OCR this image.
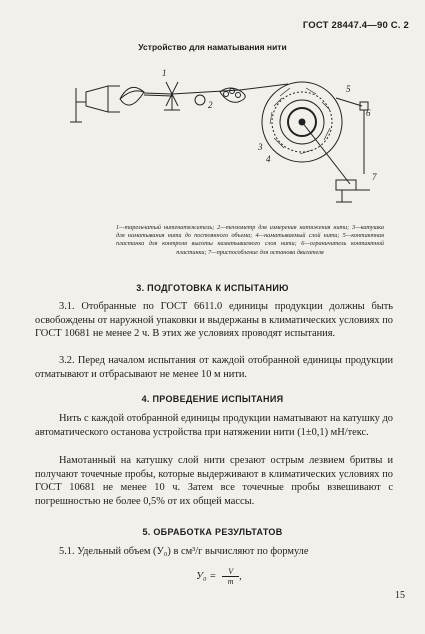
ГОСТ 28447.4—90 С. 2
Устройство для наматывания нити
1
2
3
4
5
6
7
1—тарельчатый нитенатяжитель; 2—тензометр для измерения натяжения нити; 3—катушка для наматывания нити до постоянного объема; 4—наматываемый слой нити; 5—контактная пластинка для контроля высоты наматываемого слоя нити; 6—ограничитель контактной пластинки; 7—приспособление для останова двигателя
3. ПОДГОТОВКА К ИСПЫТАНИЮ
3.1. Отобранные по ГОСТ 6611.0 единицы продукции должны быть освобождены от наружной упаковки и выдержаны в климатических условиях по ГОСТ 10681 не менее 2 ч. В этих же условиях проводят испытания.
3.2. Перед началом испытания от каждой отобранной единицы продукции отматывают и отбрасывают не менее 10 м нити.
4. ПРОВЕДЕНИЕ ИСПЫТАНИЯ
Нить с каждой отобранной единицы продукции наматывают на катушку до автоматического останова устройства при натяжении нити (1±0,1) мН/текс.
Намотанный на катушку слой нити срезают острым лезвием бритвы и получают точечные пробы, которые выдерживают в климатических условиях по ГОСТ 10681 не менее 10 ч. Затем все точечные пробы взвешивают с погрешностью не более 0,5% от их общей массы.
5. ОБРАБОТКА РЕЗУЛЬТАТОВ
5.1. Удельный объем (У₀) в см³/г вычисляют по формуле
$У_0 = \frac{V}{m}$ ,
15
